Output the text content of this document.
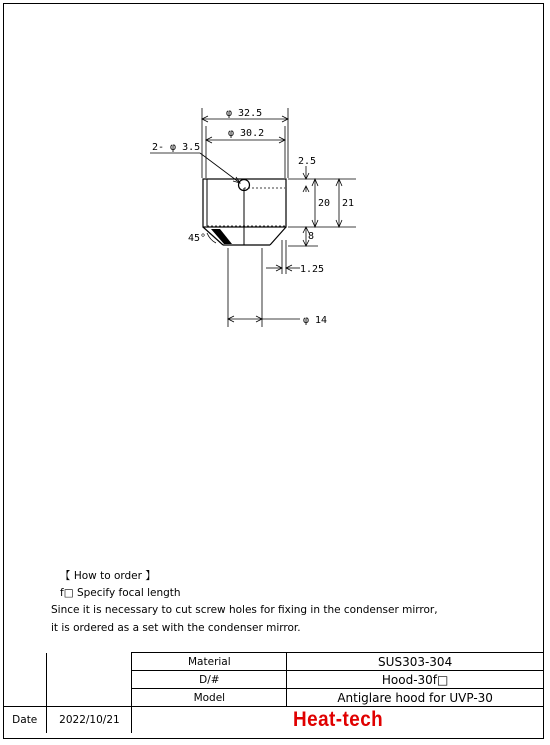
φ 32.5
φ 30.2
2- φ 3.5
45°
2.5
20 21
8
1.25
φ 14
【 How to order 】
f□ Specify focal length
Since it is necessary to cut screw holes for fixing in the condenser mirror,
it is ordered as a set with the condenser mirror.
		Material	SUS303-304
		D/#	Hood-30f□
		Model	Antiglare hood for UVP-30
Date	2022/10/21	Heat-tech	
